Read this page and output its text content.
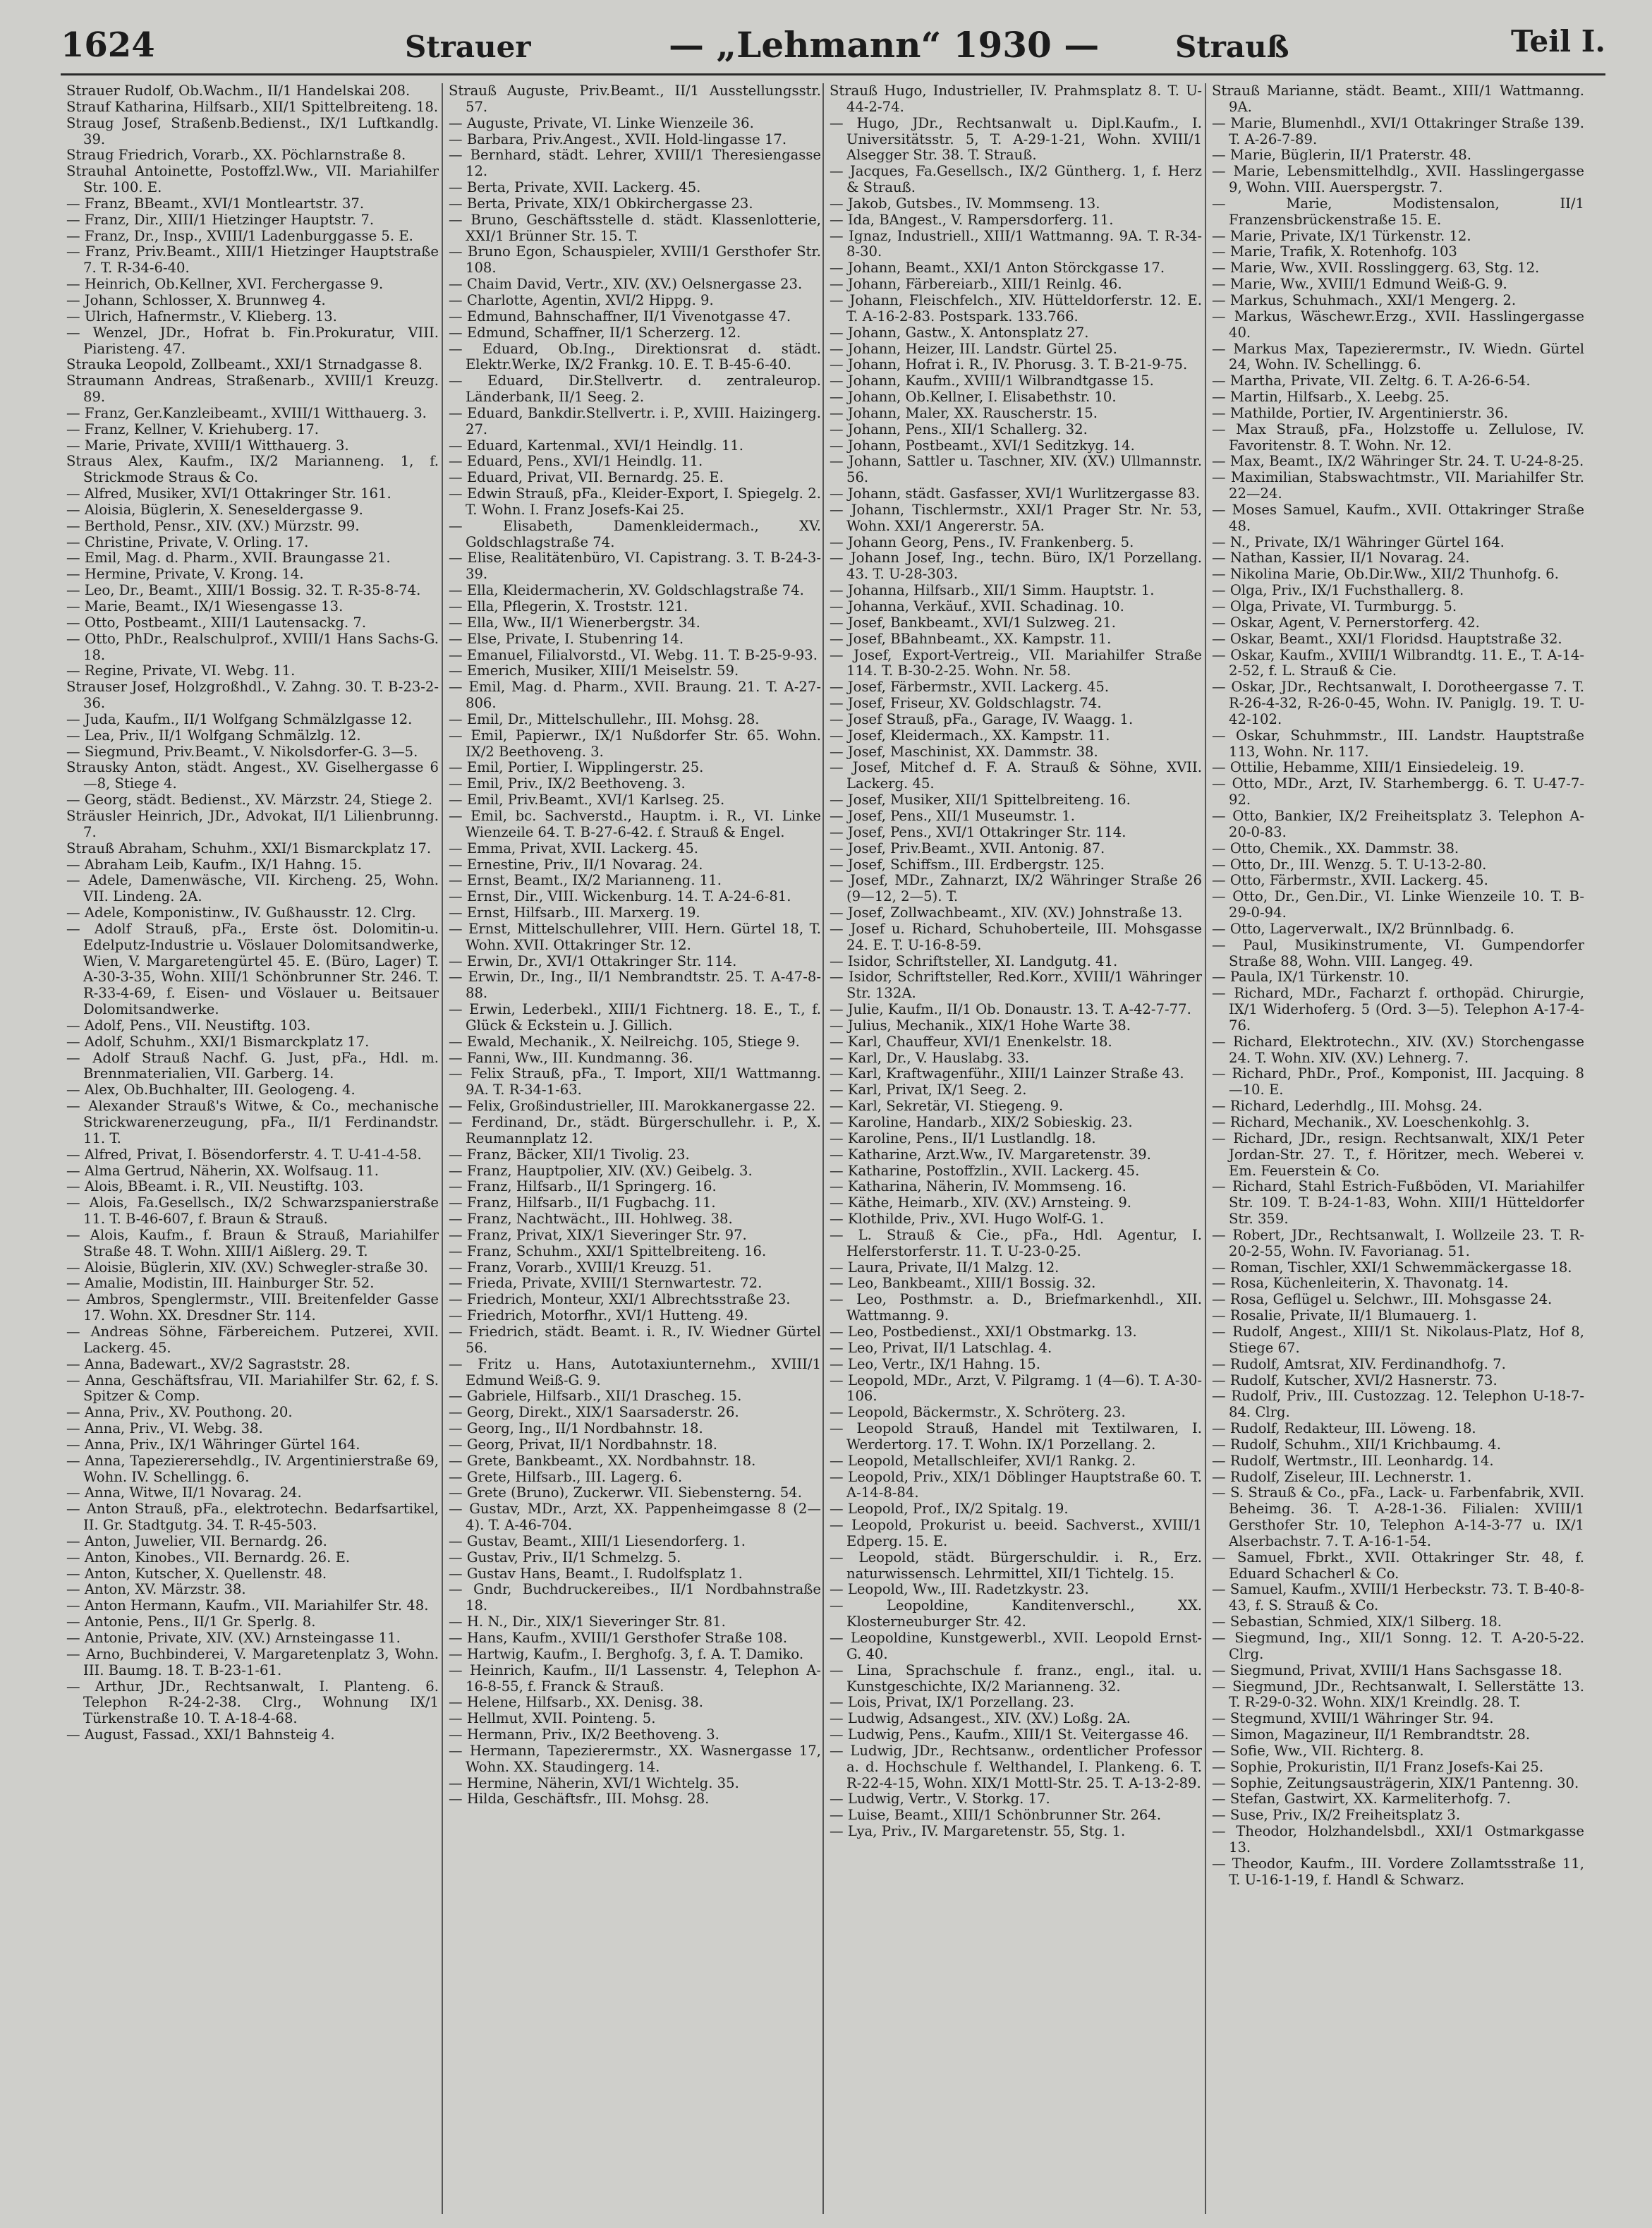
1624	Strauer	— „Lehmann“ 1930 —	Strauß	Teil I.

Strauer Rudolf, Ob.Wachm., II/1 Handelskai 208.

Strauf Katharina, Hilfsarb., XII/1 Spittelbreiteng. 18.

Straug Josef, Straßenb.Bedienst., IX/1 Luftkandlg. 39.

Straug Friedrich, Vorarb., XX. Pöchlarnstraße 8.

Strauhal Antoinette, Postoffzl.Ww., VII. Mariahilfer Str. 100. E.

— Franz, BBeamt., XVI/1 Montleartstr. 37.

— Franz, Dir., XIII/1 Hietzinger Hauptstr. 7.

— Franz, Dr., Insp., XVIII/1 Ladenburggasse 5. E.

— Franz, Priv.Beamt., XIII/1 Hietzinger Hauptstraße 7. T. R-34-6-40.

— Heinrich, Ob.Kellner, XVI. Ferchergasse 9.

— Johann, Schlosser, X. Brunnweg 4.

— Ulrich, Hafnermstr., V. Klieberg. 13.

— Wenzel, JDr., Hofrat b. Fin.Prokuratur, VIII. Piaristeng. 47.

Strauka Leopold, Zollbeamt., XXI/1 Strnadgasse 8.

Straumann Andreas, Straßenarb., XVIII/1 Kreuzg. 89.

— Franz, Ger.Kanzleibeamt., XVIII/1 Witthauerg. 3.

— Franz, Kellner, V. Kriehuberg. 17.

— Marie, Private, XVIII/1 Witthauerg. 3.

Straus Alex, Kaufm., IX/2 Marianneng. 1, f. Strickmode Straus & Co.

— Alfred, Musiker, XVI/1 Ottakringer Str. 161.

— Aloisia, Büglerin, X. Seneseldergasse 9.

— Berthold, Pensr., XIV. (XV.) Mürzstr. 99.

— Christine, Private, V. Orling. 17.

— Emil, Mag. d. Pharm., XVII. Braungasse 21.

— Hermine, Private, V. Krong. 14.

— Leo, Dr., Beamt., XIII/1 Bossig. 32. T. R-35-8-74.

— Marie, Beamt., IX/1 Wiesengasse 13.

— Otto, Postbeamt., XIII/1 Lautensackg. 7.

— Otto, PhDr., Realschulprof., XVIII/1 Hans Sachs-G. 18.

— Regine, Private, VI. Webg. 11.

Strauser Josef, Holzgroßhdl., V. Zahng. 30. T. B-23-2-36.

— Juda, Kaufm., II/1 Wolfgang Schmälzlgasse 12.

— Lea, Priv., II/1 Wolfgang Schmälzlg. 12.

— Siegmund, Priv.Beamt., V. Nikolsdorfer-G. 3—5.

Strausky Anton, städt. Angest., XV. Giselhergasse 6—8, Stiege 4.

— Georg, städt. Bedienst., XV. Märzstr. 24, Stiege 2.

Sträusler Heinrich, JDr., Advokat, II/1 Lilienbrunng. 7.

Strauß Abraham, Schuhm., XXI/1 Bismarckplatz 17.

— Abraham Leib, Kaufm., IX/1 Hahng. 15.

— Adele, Damenwäsche, VII. Kircheng. 25, Wohn. VII. Lindeng. 2A.

— Adele, Komponistinw., IV. Gußhausstr. 12. Clrg.

— Adolf Strauß, pFa., Erste öst. Dolomitin-u. Edelputz-Industrie u. Vöslauer Dolomitsandwerke, Wien, V. Margaretengürtel 45. E. (Büro, Lager) T. A-30-3-35, Wohn. XIII/1 Schönbrunner Str. 246. T. R-33-4-69, f. Eisen- und Vöslauer u. Beitsauer Dolomitsandwerke.

— Adolf, Pens., VII. Neustiftg. 103.

— Adolf, Schuhm., XXI/1 Bismarckplatz 17.

— Adolf Strauß Nachf. G. Just, pFa., Hdl. m. Brennmaterialien, VII. Garberg. 14.

— Alex, Ob.Buchhalter, III. Geologeng. 4.

— Alexander Strauß's Witwe, & Co., mechanische Strickwarenerzeugung, pFa., II/1 Ferdinandstr. 11. T.

— Alfred, Privat, I. Bösendorferstr. 4. T. U-41-4-58.

— Alma Gertrud, Näherin, XX. Wolfsaug. 11.

— Alois, BBeamt. i. R., VII. Neustiftg. 103.

— Alois, Fa.Gesellsch., IX/2 Schwarzspanierstraße 11. T. B-46-607, f. Braun & Strauß.

— Alois, Kaufm., f. Braun & Strauß, Mariahilfer Straße 48. T. Wohn. XIII/1 Aißlerg. 29. T.

— Aloisie, Büglerin, XIV. (XV.) Schwegler-straße 30.

— Amalie, Modistin, III. Hainburger Str. 52.

— Ambros, Spenglermstr., VIII. Breitenfelder Gasse 17. Wohn. XX. Dresdner Str. 114.

— Andreas Söhne, Färbereichem. Putzerei, XVII. Lackerg. 45.

— Anna, Badewart., XV/2 Sagraststr. 28.

— Anna, Geschäftsfrau, VII. Mariahilfer Str. 62, f. S. Spitzer & Comp.

— Anna, Priv., XV. Pouthong. 20.

— Anna, Priv., VI. Webg. 38.

— Anna, Priv., IX/1 Währinger Gürtel 164.

— Anna, Tapezierersehdlg., IV. Argentinierstraße 69, Wohn. IV. Schellingg. 6.

— Anna, Witwe, II/1 Novarag. 24.

— Anton Strauß, pFa., elektrotechn. Bedarfsartikel, II. Gr. Stadtgutg. 34. T. R-45-503.

— Anton, Juwelier, VII. Bernardg. 26.

— Anton, Kinobes., VII. Bernardg. 26. E.

— Anton, Kutscher, X. Quellenstr. 48.

— Anton, XV. Märzstr. 38.

— Anton Hermann, Kaufm., VII. Mariahilfer Str. 48.

— Antonie, Pens., II/1 Gr. Sperlg. 8.

— Antonie, Private, XIV. (XV.) Arnsteingasse 11.

— Arno, Buchbinderei, V. Margaretenplatz 3, Wohn. III. Baumg. 18. T. B-23-1-61.

— Arthur, JDr., Rechtsanwalt, I. Planteng. 6. Telephon R-24-2-38. Clrg., Wohnung IX/1 Türkenstraße 10. T. A-18-4-68.

— August, Fassad., XXI/1 Bahnsteig 4.

Strauß Auguste, Priv.Beamt., II/1 Ausstellungsstr. 57.

— Auguste, Private, VI. Linke Wienzeile 36.

— Barbara, Priv.Angest., XVII. Hold-lingasse 17.

— Bernhard, städt. Lehrer, XVIII/1 Theresiengasse 12.

— Berta, Private, XVII. Lackerg. 45.

— Berta, Private, XIX/1 Obkirchergasse 23.

— Bruno, Geschäftsstelle d. städt. Klassenlotterie, XXI/1 Brünner Str. 15. T.

— Bruno Egon, Schauspieler, XVIII/1 Gersthofer Str. 108.

— Chaim David, Vertr., XIV. (XV.) Oelsnergasse 23.

— Charlotte, Agentin, XVI/2 Hippg. 9.

— Edmund, Bahnschaffner, II/1 Vivenotgasse 47.

— Edmund, Schaffner, II/1 Scherzerg. 12.

— Eduard, Ob.Ing., Direktionsrat d. städt. Elektr.Werke, IX/2 Frankg. 10. E. T. B-45-6-40.

— Eduard, Dir.Stellvertr. d. zentraleurop. Länderbank, II/1 Seeg. 2.

— Eduard, Bankdir.Stellvertr. i. P., XVIII. Haizingerg. 27.

— Eduard, Kartenmal., XVI/1 Heindlg. 11.

— Eduard, Pens., XVI/1 Heindlg. 11.

— Eduard, Privat, VII. Bernardg. 25. E.

— Edwin Strauß, pFa., Kleider-Export, I. Spiegelg. 2. T. Wohn. I. Franz Josefs-Kai 25.

— Elisabeth, Damenkleidermach., XV. Goldschlagstraße 74.

— Elise, Realitätenbüro, VI. Capistrang. 3. T. B-24-3-39.

— Ella, Kleidermacherin, XV. Goldschlagstraße 74.

— Ella, Pflegerin, X. Troststr. 121.

— Ella, Ww., II/1 Wienerbergstr. 34.

— Else, Private, I. Stubenring 14.

— Emanuel, Filialvorstd., VI. Webg. 11. T. B-25-9-93.

— Emerich, Musiker, XIII/1 Meiselstr. 59.

— Emil, Mag. d. Pharm., XVII. Braung. 21. T. A-27-806.

— Emil, Dr., Mittelschullehr., III. Mohsg. 28.

— Emil, Papierwr., IX/1 Nußdorfer Str. 65. Wohn. IX/2 Beethoveng. 3.

— Emil, Portier, I. Wipplingerstr. 25.

— Emil, Priv., IX/2 Beethoveng. 3.

— Emil, Priv.Beamt., XVI/1 Karlseg. 25.

— Emil, bc. Sachverstd., Hauptm. i. R., VI. Linke Wienzeile 64. T. B-27-6-42. f. Strauß & Engel.

— Emma, Privat, XVII. Lackerg. 45.

— Ernestine, Priv., II/1 Novarag. 24.

— Ernst, Beamt., IX/2 Marianneng. 11.

— Ernst, Dir., VIII. Wickenburg. 14. T. A-24-6-81.

— Ernst, Hilfsarb., III. Marxerg. 19.

— Ernst, Mittelschullehrer, VIII. Hern. Gürtel 18, T. Wohn. XVII. Ottakringer Str. 12.

— Erwin, Dr., XVI/1 Ottakringer Str. 114.

— Erwin, Dr., Ing., II/1 Nembrandtstr. 25. T. A-47-8-88.

— Erwin, Lederbekl., XIII/1 Fichtnerg. 18. E., T., f. Glück & Eckstein u. J. Gillich.

— Ewald, Mechanik., X. Neilreichg. 105, Stiege 9.

— Fanni, Ww., III. Kundmanng. 36.

— Felix Strauß, pFa., T. Import, XII/1 Wattmanng. 9A. T. R-34-1-63.

— Felix, Großindustrieller, III. Marokkanergasse 22.

— Ferdinand, Dr., städt. Bürgerschullehr. i. P., X. Reumannplatz 12.

— Franz, Bäcker, XII/1 Tivolig. 23.

— Franz, Hauptpolier, XIV. (XV.) Geibelg. 3.

— Franz, Hilfsarb., II/1 Springerg. 16.

— Franz, Hilfsarb., II/1 Fugbachg. 11.

— Franz, Nachtwächt., III. Hohlweg. 38.

— Franz, Privat, XIX/1 Sieveringer Str. 97.

— Franz, Schuhm., XXI/1 Spittelbreiteng. 16.

— Franz, Vorarb., XVIII/1 Kreuzg. 51.

— Frieda, Private, XVIII/1 Sternwartestr. 72.

— Friedrich, Monteur, XXI/1 Albrechtsstraße 23.

— Friedrich, Motorfhr., XVI/1 Hutteng. 49.

— Friedrich, städt. Beamt. i. R., IV. Wiedner Gürtel 56.

— Fritz u. Hans, Autotaxiunternehm., XVIII/1 Edmund Weiß-G. 9.

— Gabriele, Hilfsarb., XII/1 Drascheg. 15.

— Georg, Direkt., XIX/1 Saarsaderstr. 26.

— Georg, Ing., II/1 Nordbahnstr. 18.

— Georg, Privat, II/1 Nordbahnstr. 18.

— Grete, Bankbeamt., XX. Nordbahnstr. 18.

— Grete, Hilfsarb., III. Lagerg. 6.

— Grete (Bruno), Zuckerwr. VII. Siebensterng. 54.

— Gustav, MDr., Arzt, XX. Pappenheimgasse 8 (2—4). T. A-46-704.

— Gustav, Beamt., XIII/1 Liesendorferg. 1.

— Gustav, Priv., II/1 Schmelzg. 5.

— Gustav Hans, Beamt., I. Rudolfsplatz 1.

— Gndr, Buchdruckereibes., II/1 Nordbahnstraße 18.

— H. N., Dir., XIX/1 Sieveringer Str. 81.

— Hans, Kaufm., XVIII/1 Gersthofer Straße 108.

— Hartwig, Kaufm., I. Berghofg. 3, f. A. T. Damiko.

— Heinrich, Kaufm., II/1 Lassenstr. 4, Telephon A-16-8-55, f. Franck & Strauß.

— Helene, Hilfsarb., XX. Denisg. 38.

— Hellmut, XVII. Pointeng. 5.

— Hermann, Priv., IX/2 Beethoveng. 3.

— Hermann, Tapezierermstr., XX. Wasnergasse 17, Wohn. XX. Staudingerg. 14.

— Hermine, Näherin, XVI/1 Wichtelg. 35.

— Hilda, Geschäftsfr., III. Mohsg. 28.

Strauß Hugo, Industrieller, IV. Prahmsplatz 8. T. U-44-2-74.

— Hugo, JDr., Rechtsanwalt u. Dipl.Kaufm., I. Universitätsstr. 5, T. A-29-1-21, Wohn. XVIII/1 Alsegger Str. 38. T. Strauß.

— Jacques, Fa.Gesellsch., IX/2 Güntherg. 1, f. Herz & Strauß.

— Jakob, Gutsbes., IV. Mommseng. 13.

— Ida, BAngest., V. Rampersdorferg. 11.

— Ignaz, Industriell., XIII/1 Wattmanng. 9A. T. R-34-8-30.

— Johann, Beamt., XXI/1 Anton Störckgasse 17.

— Johann, Färbereiarb., XIII/1 Reinlg. 46.

— Johann, Fleischfelch., XIV. Hütteldorferstr. 12. E. T. A-16-2-83. Postspark. 133.766.

— Johann, Gastw., X. Antonsplatz 27.

— Johann, Heizer, III. Landstr. Gürtel 25.

— Johann, Hofrat i. R., IV. Phorusg. 3. T. B-21-9-75.

— Johann, Kaufm., XVIII/1 Wilbrandtgasse 15.

— Johann, Ob.Kellner, I. Elisabethstr. 10.

— Johann, Maler, XX. Rauscherstr. 15.

— Johann, Pens., XII/1 Schallerg. 32.

— Johann, Postbeamt., XVI/1 Seditzkyg. 14.

— Johann, Sattler u. Taschner, XIV. (XV.) Ullmannstr. 56.

— Johann, städt. Gasfasser, XVI/1 Wurlitzergasse 83.

— Johann, Tischlermstr., XXI/1 Prager Str. Nr. 53, Wohn. XXI/1 Angererstr. 5A.

— Johann Georg, Pens., IV. Frankenberg. 5.

— Johann Josef, Ing., techn. Büro, IX/1 Porzellang. 43. T. U-28-303.

— Johanna, Hilfsarb., XII/1 Simm. Hauptstr. 1.

— Johanna, Verkäuf., XVII. Schadinag. 10.

— Josef, Bankbeamt., XVI/1 Sulzweg. 21.

— Josef, BBahnbeamt., XX. Kampstr. 11.

— Josef, Export-Vertreig., VII. Mariahilfer Straße 114. T. B-30-2-25. Wohn. Nr. 58.

— Josef, Färbermstr., XVII. Lackerg. 45.

— Josef, Friseur, XV. Goldschlagstr. 74.

— Josef Strauß, pFa., Garage, IV. Waagg. 1.

— Josef, Kleidermach., XX. Kampstr. 11.

— Josef, Maschinist, XX. Dammstr. 38.

— Josef, Mitchef d. F. A. Strauß & Söhne, XVII. Lackerg. 45.

— Josef, Musiker, XII/1 Spittelbreiteng. 16.

— Josef, Pens., XII/1 Museumstr. 1.

— Josef, Pens., XVI/1 Ottakringer Str. 114.

— Josef, Priv.Beamt., XVII. Antonig. 87.

— Josef, Schiffsm., III. Erdbergstr. 125.

— Josef, MDr., Zahnarzt, IX/2 Währinger Straße 26 (9—12, 2—5). T.

— Josef, Zollwachbeamt., XIV. (XV.) Johnstraße 13.

— Josef u. Richard, Schuhoberteile, III. Mohsgasse 24. E. T. U-16-8-59.

— Isidor, Schriftsteller, XI. Landgutg. 41.

— Isidor, Schriftsteller, Red.Korr., XVIII/1 Währinger Str. 132A.

— Julie, Kaufm., II/1 Ob. Donaustr. 13. T. A-42-7-77.

— Julius, Mechanik., XIX/1 Hohe Warte 38.

— Karl, Chauffeur, XVI/1 Enenkelstr. 18.

— Karl, Dr., V. Hauslabg. 33.

— Karl, Kraftwagenführ., XIII/1 Lainzer Straße 43.

— Karl, Privat, IX/1 Seeg. 2.

— Karl, Sekretär, VI. Stiegeng. 9.

— Karoline, Handarb., XIX/2 Sobieskig. 23.

— Karoline, Pens., II/1 Lustlandlg. 18.

— Katharine, Arzt.Ww., IV. Margaretenstr. 39.

— Katharine, Postoffzlin., XVII. Lackerg. 45.

— Katharina, Näherin, IV. Mommseng. 16.

— Käthe, Heimarb., XIV. (XV.) Arnsteing. 9.

— Klothilde, Priv., XVI. Hugo Wolf-G. 1.

— L. Strauß & Cie., pFa., Hdl. Agentur, I. Helferstorferstr. 11. T. U-23-0-25.

— Laura, Private, II/1 Malzg. 12.

— Leo, Bankbeamt., XIII/1 Bossig. 32.

— Leo, Posthmstr. a. D., Briefmarkenhdl., XII. Wattmanng. 9.

— Leo, Postbedienst., XXI/1 Obstmarkg. 13.

— Leo, Privat, II/1 Latschlag. 4.

— Leo, Vertr., IX/1 Hahng. 15.

— Leopold, MDr., Arzt, V. Pilgramg. 1 (4—6). T. A-30-106.

— Leopold, Bäckermstr., X. Schröterg. 23.

— Leopold Strauß, Handel mit Textilwaren, I. Werdertorg. 17. T. Wohn. IX/1 Porzellang. 2.

— Leopold, Metallschleifer, XVI/1 Rankg. 2.

— Leopold, Priv., XIX/1 Döblinger Hauptstraße 60. T. A-14-8-84.

— Leopold, Prof., IX/2 Spitalg. 19.

— Leopold, Prokurist u. beeid. Sachverst., XVIII/1 Edperg. 15. E.

— Leopold, städt. Bürgerschuldir. i. R., Erz. naturwissensch. Lehrmittel, XII/1 Tichtelg. 15.

— Leopold, Ww., III. Radetzkystr. 23.

— Leopoldine, Kanditenverschl., XX. Klosterneuburger Str. 42.

— Leopoldine, Kunstgewerbl., XVII. Leopold Ernst-G. 40.

— Lina, Sprachschule f. franz., engl., ital. u. Kunstgeschichte, IX/2 Marianneng. 32.

— Lois, Privat, IX/1 Porzellang. 23.

— Ludwig, Adsangest., XIV. (XV.) Loßg. 2A.

— Ludwig, Pens., Kaufm., XIII/1 St. Veitergasse 46.

— Ludwig, JDr., Rechtsanw., ordentlicher Professor a. d. Hochschule f. Welthandel, I. Plankeng. 6. T. R-22-4-15, Wohn. XIX/1 Mottl-Str. 25. T. A-13-2-89.

— Ludwig, Vertr., V. Storkg. 17.

— Luise, Beamt., XIII/1 Schönbrunner Str. 264.

— Lya, Priv., IV. Margaretenstr. 55, Stg. 1.

Strauß Marianne, städt. Beamt., XIII/1 Wattmanng. 9A.

— Marie, Blumenhdl., XVI/1 Ottakringer Straße 139. T. A-26-7-89.

— Marie, Büglerin, II/1 Praterstr. 48.

— Marie, Lebensmittelhdlg., XVII. Hasslingergasse 9, Wohn. VIII. Auerspergstr. 7.

— Marie, Modistensalon, II/1 Franzensbrückenstraße 15. E.

— Marie, Private, IX/1 Türkenstr. 12.

— Marie, Trafik, X. Rotenhofg. 103

— Marie, Ww., XVII. Rosslinggerg. 63, Stg. 12.

— Marie, Ww., XVIII/1 Edmund Weiß-G. 9.

— Markus, Schuhmach., XXI/1 Mengerg. 2.

— Markus, Wäschewr.Erzg., XVII. Hasslingergasse 40.

— Markus Max, Tapezierermstr., IV. Wiedn. Gürtel 24, Wohn. IV. Schellingg. 6.

— Martha, Private, VII. Zeltg. 6. T. A-26-6-54.

— Martin, Hilfsarb., X. Leebg. 25.

— Mathilde, Portier, IV. Argentinierstr. 36.

— Max Strauß, pFa., Holzstoffe u. Zellulose, IV. Favoritenstr. 8. T. Wohn. Nr. 12.

— Max, Beamt., IX/2 Währinger Str. 24. T. U-24-8-25.

— Maximilian, Stabswachtmstr., VII. Mariahilfer Str. 22—24.

— Moses Samuel, Kaufm., XVII. Ottakringer Straße 48.

— N., Private, IX/1 Währinger Gürtel 164.

— Nathan, Kassier, II/1 Novarag. 24.

— Nikolina Marie, Ob.Dir.Ww., XII/2 Thunhofg. 6.

— Olga, Priv., IX/1 Fuchsthallerg. 8.

— Olga, Private, VI. Turmburgg. 5.

— Oskar, Agent, V. Pernerstorferg. 42.

— Oskar, Beamt., XXI/1 Floridsd. Hauptstraße 32.

— Oskar, Kaufm., XVIII/1 Wilbrandtg. 11. E., T. A-14-2-52, f. L. Strauß & Cie.

— Oskar, JDr., Rechtsanwalt, I. Dorotheergasse 7. T. R-26-4-32, R-26-0-45, Wohn. IV. Paniglg. 19. T. U-42-102.

— Oskar, Schuhmmstr., III. Landstr. Hauptstraße 113, Wohn. Nr. 117.

— Ottilie, Hebamme, XIII/1 Einsiedeleig. 19.

— Otto, MDr., Arzt, IV. Starhembergg. 6. T. U-47-7-92.

— Otto, Bankier, IX/2 Freiheitsplatz 3. Telephon A-20-0-83.

— Otto, Chemik., XX. Dammstr. 38.

— Otto, Dr., III. Wenzg. 5. T. U-13-2-80.

— Otto, Färbermstr., XVII. Lackerg. 45.

— Otto, Dr., Gen.Dir., VI. Linke Wienzeile 10. T. B-29-0-94.

— Otto, Lagerverwalt., IX/2 Brünnlbadg. 6.

— Paul, Musikinstrumente, VI. Gumpendorfer Straße 88, Wohn. VIII. Langeg. 49.

— Paula, IX/1 Türkenstr. 10.

— Richard, MDr., Facharzt f. orthopäd. Chirurgie, IX/1 Widerhoferg. 5 (Ord. 3—5). Telephon A-17-4-76.

— Richard, Elektrotechn., XIV. (XV.) Storchengasse 24. T. Wohn. XIV. (XV.) Lehnerg. 7.

— Richard, PhDr., Prof., Komponist, III. Jacquing. 8—10. E.

— Richard, Lederhdlg., III. Mohsg. 24.

— Richard, Mechanik., XV. Loeschenkohlg. 3.

— Richard, JDr., resign. Rechtsanwalt, XIX/1 Peter Jordan-Str. 27. T., f. Höritzer, mech. Weberei v. Em. Feuerstein & Co.

— Richard, Stahl Estrich-Fußböden, VI. Mariahilfer Str. 109. T. B-24-1-83, Wohn. XIII/1 Hütteldorfer Str. 359.

— Robert, JDr., Rechtsanwalt, I. Wollzeile 23. T. R-20-2-55, Wohn. IV. Favorianag. 51.

— Roman, Tischler, XXI/1 Schwemmäckergasse 18.

— Rosa, Küchenleiterin, X. Thavonatg. 14.

— Rosa, Geflügel u. Selchwr., III. Mohsgasse 24.

— Rosalie, Private, II/1 Blumauerg. 1.

— Rudolf, Angest., XIII/1 St. Nikolaus-Platz, Hof 8, Stiege 67.

— Rudolf, Amtsrat, XIV. Ferdinandhofg. 7.

— Rudolf, Kutscher, XVI/2 Hasnerstr. 73.

— Rudolf, Priv., III. Custozzag. 12. Telephon U-18-7-84. Clrg.

— Rudolf, Redakteur, III. Löweng. 18.

— Rudolf, Schuhm., XII/1 Krichbaumg. 4.

— Rudolf, Wertmstr., III. Leonhardg. 14.

— Rudolf, Ziseleur, III. Lechnerstr. 1.

— S. Strauß & Co., pFa., Lack- u. Farbenfabrik, XVII. Beheimg. 36. T. A-28-1-36. Filialen: XVIII/1 Gersthofer Str. 10, Telephon A-14-3-77 u. IX/1 Alserbachstr. 7. T. A-16-1-54.

— Samuel, Fbrkt., XVII. Ottakringer Str. 48, f. Eduard Schacherl & Co.

— Samuel, Kaufm., XVIII/1 Herbeckstr. 73. T. B-40-8-43, f. S. Strauß & Co.

— Sebastian, Schmied, XIX/1 Silberg. 18.

— Siegmund, Ing., XII/1 Sonng. 12. T. A-20-5-22. Clrg.

— Siegmund, Privat, XVIII/1 Hans Sachsgasse 18.

— Siegmund, JDr., Rechtsanwalt, I. Sellerstätte 13. T. R-29-0-32. Wohn. XIX/1 Kreindlg. 28. T.

— Stegmund, XVIII/1 Währinger Str. 94.

— Simon, Magazineur, II/1 Rembrandtstr. 28.

— Sofie, Ww., VII. Richterg. 8.

— Sophie, Prokuristin, II/1 Franz Josefs-Kai 25.

— Sophie, Zeitungsausträgerin, XIX/1 Pantenng. 30.

— Stefan, Gastwirt, XX. Karmeliterhofg. 7.

— Suse, Priv., IX/2 Freiheitsplatz 3.

— Theodor, Holzhandelsbdl., XXI/1 Ostmarkgasse 13.

— Theodor, Kaufm., III. Vordere Zollamtsstraße 11, T. U-16-1-19, f. Handl & Schwarz.
